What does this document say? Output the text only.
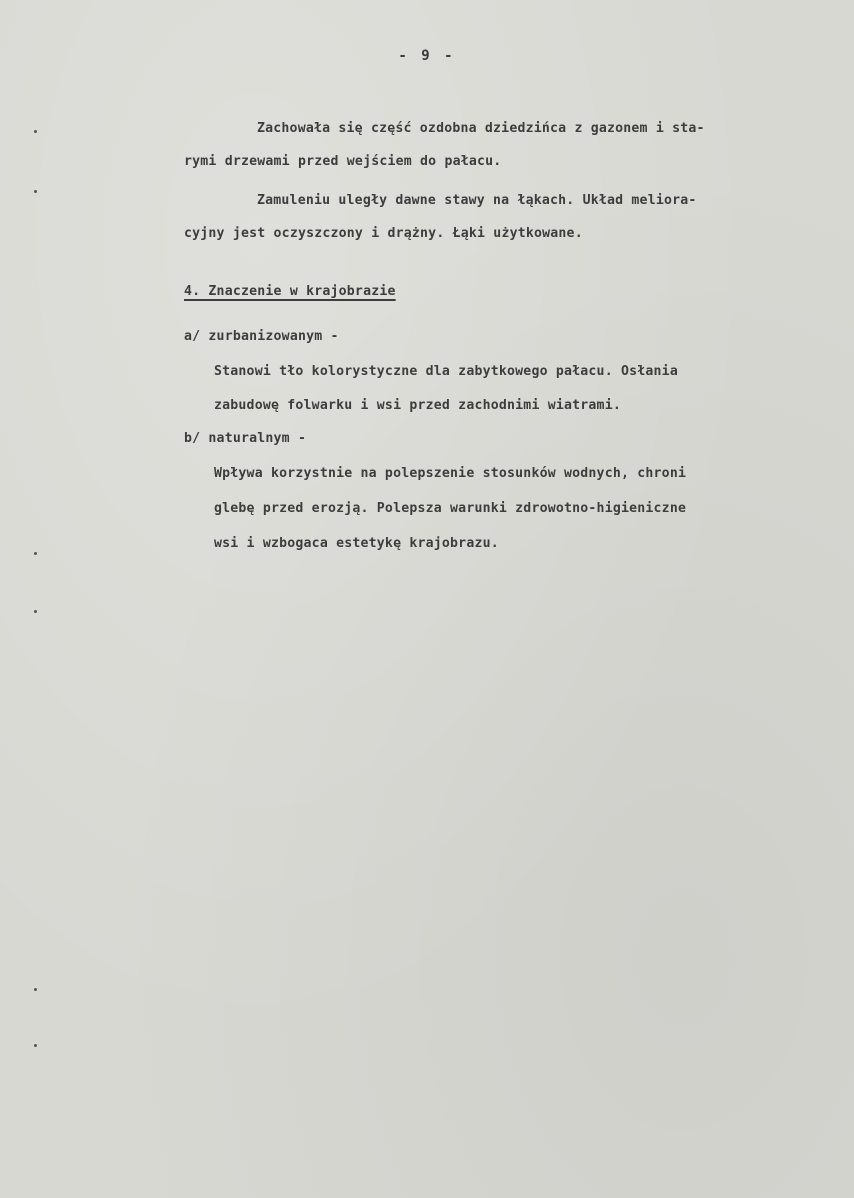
- 9 -

Zachowała się część ozdobna dziedzińca z gazonem i sta-

rymi drzewami przed wejściem do pałacu.

Zamuleniu uległy dawne stawy na łąkach. Układ meliora-

cyjny jest oczyszczony i drążny. Łąki użytkowane.

4. Znaczenie w krajobrazie

a/ zurbanizowanym -

Stanowi tło kolorystyczne dla zabytkowego pałacu. Osłania

zabudowę folwarku i wsi przed zachodnimi wiatrami.

b/ naturalnym -

Wpływa korzystnie na polepszenie stosunków wodnych, chroni

glebę przed erozją. Polepsza warunki zdrowotno-higieniczne

wsi i wzbogaca estetykę krajobrazu.
